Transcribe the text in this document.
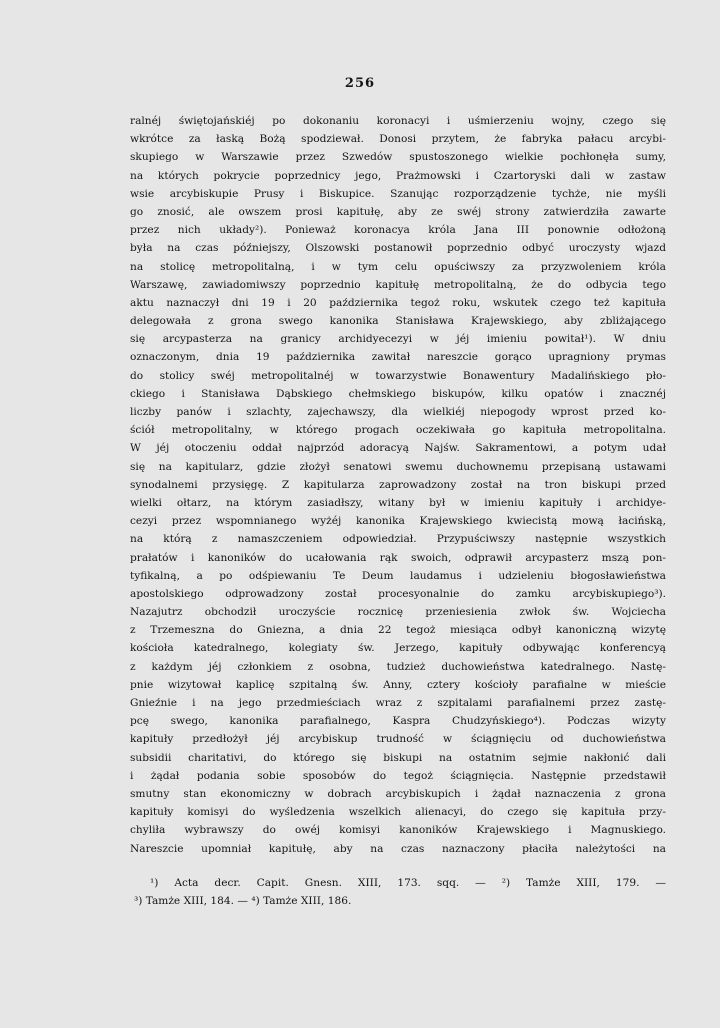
256
ralnéj świętojańskiéj po dokonaniu koronacyi i uśmierzeniu wojny, czego się
wkrótce za łaską Bożą spodziewał. Donosi przytem, że fabryka pałacu arcybi-
skupiego w Warszawie przez Szwedów spustoszonego wielkie pochłonęła sumy,
na których pokrycie poprzednicy jego, Prażmowski i Czartoryski dali w zastaw
wsie arcybiskupie Prusy i Biskupice. Szanując rozporządzenie tychże, nie myśli
go znosić, ale owszem prosi kapitułę, aby ze swéj strony zatwierdziła zawarte
przez nich układy²). Ponieważ koronacya króla Jana III ponownie odłożoną
była na czas późniejszy, Olszowski postanowił poprzednio odbyć uroczysty wjazd
na stolicę metropolitalną, i w tym celu opuściwszy za przyzwoleniem króla
Warszawę, zawiadomiwszy poprzednio kapitułę metropolitalną, że do odbycia tego
aktu naznaczył dni 19 i 20 października tegoż roku, wskutek czego też kapituła
delegowała z grona swego kanonika Stanisława Krajewskiego, aby zbliżającego
się arcypasterza na granicy archidyecezyi w jéj imieniu powitał¹). W dniu
oznaczonym, dnia 19 października zawitał nareszcie gorąco upragniony prymas
do stolicy swéj metropolitalnéj w towarzystwie Bonawentury Madalińskiego pło-
ckiego i Stanisława Dąbskiego chełmskiego biskupów, kilku opatów i znacznéj
liczby panów i szlachty, zajechawszy, dla wielkiéj niepogody wprost przed ko-
ściół metropolitalny, w którego progach oczekiwała go kapituła metropolitalna.
W jéj otoczeniu oddał najprzód adoracyą Najśw. Sakramentowi, a potym udał
się na kapitularz, gdzie złożył senatowi swemu duchownemu przepisaną ustawami
synodalnemi przysięgę. Z kapitularza zaprowadzony został na tron biskupi przed
wielki ołtarz, na którym zasiadłszy, witany był w imieniu kapituły i archidye-
cezyi przez wspomnianego wyżéj kanonika Krajewskiego kwiecistą mową łacińską,
na którą z namaszczeniem odpowiedział. Przypuściwszy następnie wszystkich
prałatów i kanoników do ucałowania rąk swoich, odprawił arcypasterz mszą pon-
tyfikalną, a po odśpiewaniu Te Deum laudamus i udzieleniu błogosławieństwa
apostolskiego odprowadzony został procesyonalnie do zamku arcybiskupiego³).
Nazajutrz obchodził uroczyście rocznicę przeniesienia zwłok św. Wojciecha
z Trzemeszna do Gniezna, a dnia 22 tegoż miesiąca odbył kanoniczną wizytę
kościoła katedralnego, kolegiaty św. Jerzego, kapituły odbywając konferencyą
z każdym jéj członkiem z osobna, tudzież duchowieństwa katedralnego. Nastę-
pnie wizytował kaplicę szpitalną św. Anny, cztery kościoły parafialne w mieście
Gnieźnie i na jego przedmieściach wraz z szpitalami parafialnemi przez zastę-
pcę swego, kanonika parafialnego, Kaspra Chudzyńskiego⁴). Podczas wizyty
kapituły przedłożył jéj arcybiskup trudność w ściągnięciu od duchowieństwa
subsidii charitativi, do którego się biskupi na ostatnim sejmie nakłonić dali
i żądał podania sobie sposobów do tegoż ściągnięcia. Następnie przedstawił
smutny stan ekonomiczny w dobrach arcybiskupich i żądał naznaczenia z grona
kapituły komisyi do wyśledzenia wszelkich alienacyi, do czego się kapituła przy-
chyliła wybrawszy do owéj komisyi kanoników Krajewskiego i Magnuskiego.
Nareszcie upomniał kapitułę, aby na czas naznaczony płaciła należytości na
¹) Acta decr. Capit. Gnesn. XIII, 173. sqq. — ²) Tamże XIII, 179. —
³) Tamże XIII, 184. — ⁴) Tamże XIII, 186.
